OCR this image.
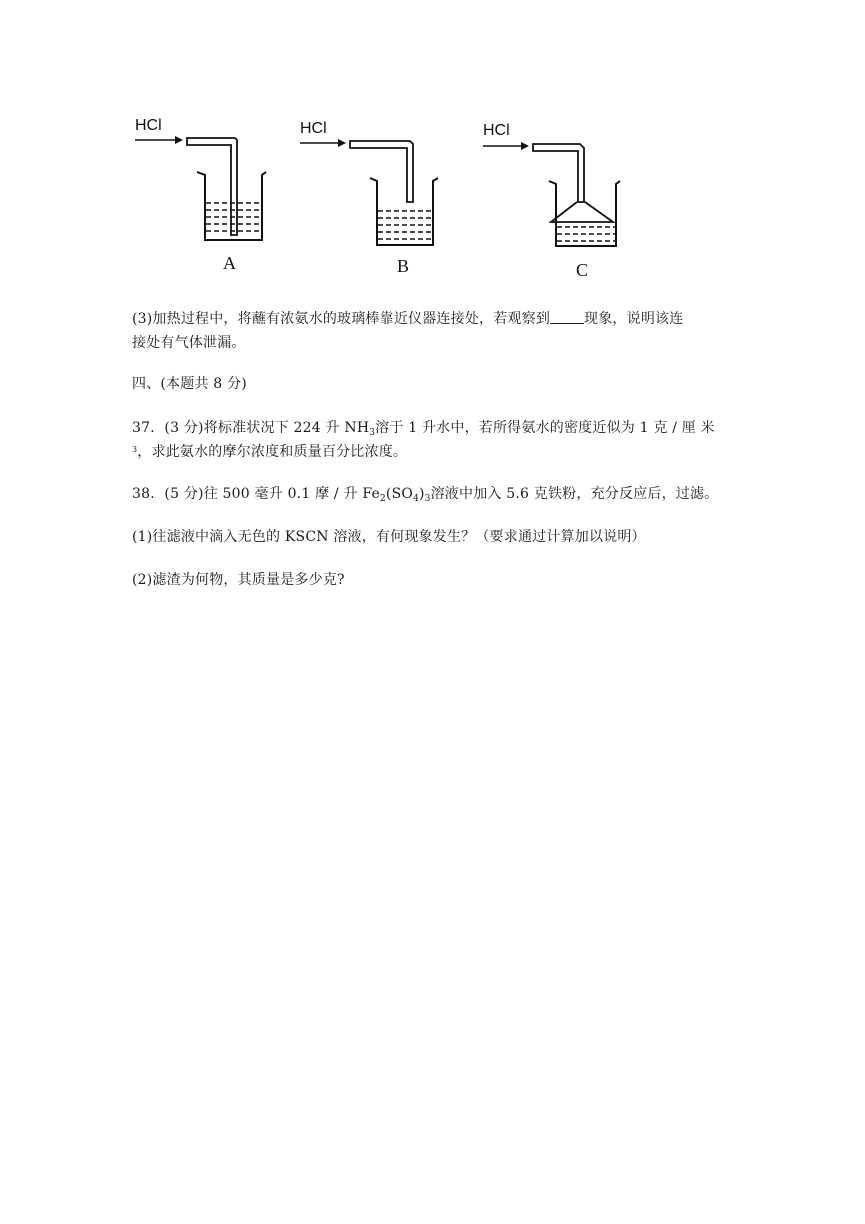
HCl
A
HCl
B
HCl
C
(3)加热过程中，将蘸有浓氨水的玻璃棒靠近仪器连接处，若观察到 现象，说明该连
接处有气体泄漏。
四、(本题共 8 分)
37．(3 分)将标准状况下 224 升 $NH_3$溶于 1 升水中，若所得氨水的密度近似为 1 克 / 厘 米
$^3$，求此氨水的摩尔浓度和质量百分比浓度。
38．(5 分)往 500 毫升 0.1 摩 / 升 $Fe_2(SO_4)_3$溶液中加入 5.6 克铁粉，充分反应后，过滤。
(1)往滤液中滴入无色的 KSCN 溶液，有何现象发生？（要求通过计算加以说明）
(2)滤渣为何物，其质量是多少克?
